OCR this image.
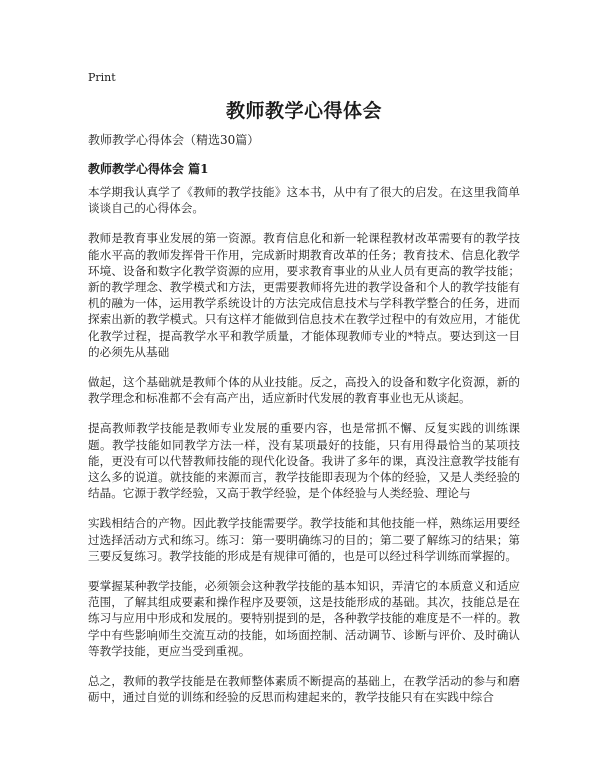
Print
教师教学心得体会
教师教学心得体会（精选30篇）
教师教学心得体会 篇1

本学期我认真学了《教师的教学技能》这本书，从中有了很大的启发。在这里我简单谈谈自己的心得体会。

教师是教育事业发展的第一资源。教育信息化和新一轮课程教材改革需要有的教学技能水平高的教师发挥骨干作用，完成新时期教育改革的任务；教育技术、信息化教学环境、设备和数字化教学资源的应用，要求教育事业的从业人员有更高的教学技能；新的教学理念、教学模式和方法，更需要教师将先进的教学设备和个人的教学技能有机的融为一体，运用教学系统设计的方法完成信息技术与学科教学整合的任务，进而探索出新的教学模式。只有这样才能做到信息技术在教学过程中的有效应用，才能优化教学过程，提高教学水平和教学质量，才能体现教师专业的*特点。要达到这一目的必须先从基础

做起，这个基础就是教师个体的从业技能。反之，高投入的设备和数字化资源，新的教学理念和标准都不会有高产出，适应新时代发展的教育事业也无从谈起。

提高教师教学技能是教师专业发展的重要内容，也是常抓不懈、反复实践的训练课题。教学技能如同教学方法一样，没有某项最好的技能，只有用得最恰当的某项技能，更没有可以代替教师技能的现代化设备。我讲了多年的课，真没注意教学技能有这么多的说道。就技能的来源而言，教学技能即表现为个体的经验，又是人类经验的结晶。它源于教学经验，又高于教学经验，是个体经验与人类经验、理论与

实践相结合的产物。因此教学技能需要学。教学技能和其他技能一样，熟练运用要经过选择活动方式和练习。练习：第一要明确练习的目的；第二要了解练习的结果；第三要反复练习。教学技能的形成是有规律可循的，也是可以经过科学训练而掌握的。

要掌握某种教学技能，必须领会这种教学技能的基本知识，弄清它的本质意义和适应范围，了解其组成要素和操作程序及要领，这是技能形成的基础。其次，技能总是在练习与应用中形成和发展的。要特别提到的是，各种教学技能的难度是不一样的。教学中有些影响师生交流互动的技能，如场面控制、活动调节、诊断与评价、及时确认等教学技能，更应当受到重视。

总之，教师的教学技能是在教师整体素质不断提高的基础上，在教学活动的参与和磨砺中，通过自觉的训练和经验的反思而构建起来的，教学技能只有在实践中综合
